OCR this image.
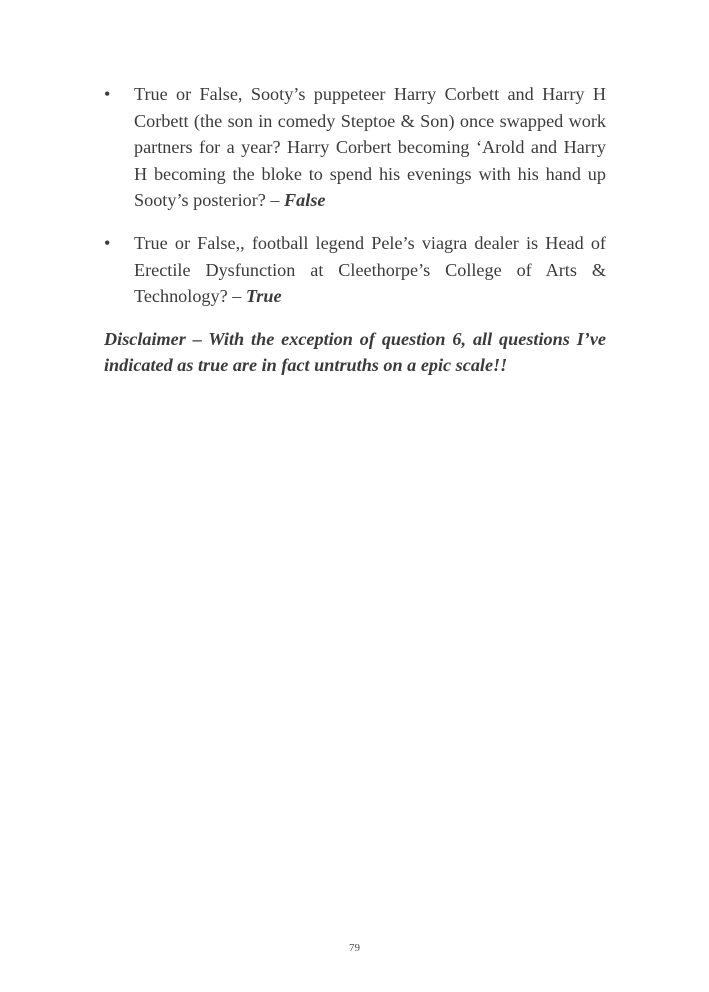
•	True or False, Sooty’s puppeteer Harry Corbett and Harry H Corbett (the son in comedy Steptoe & Son) once swapped work partners for a year? Harry Corbert becoming ‘Arold and Harry H becoming the bloke to spend his evenings with his hand up Sooty’s posterior? – False
•	True or False,, football legend Pele’s viagra dealer is Head of Erectile Dysfunction at Cleethorpe’s College of Arts & Technology? – True

Disclaimer – With the exception of question 6, all questions I’ve indicated as true are in fact untruths on a epic scale!!

79
